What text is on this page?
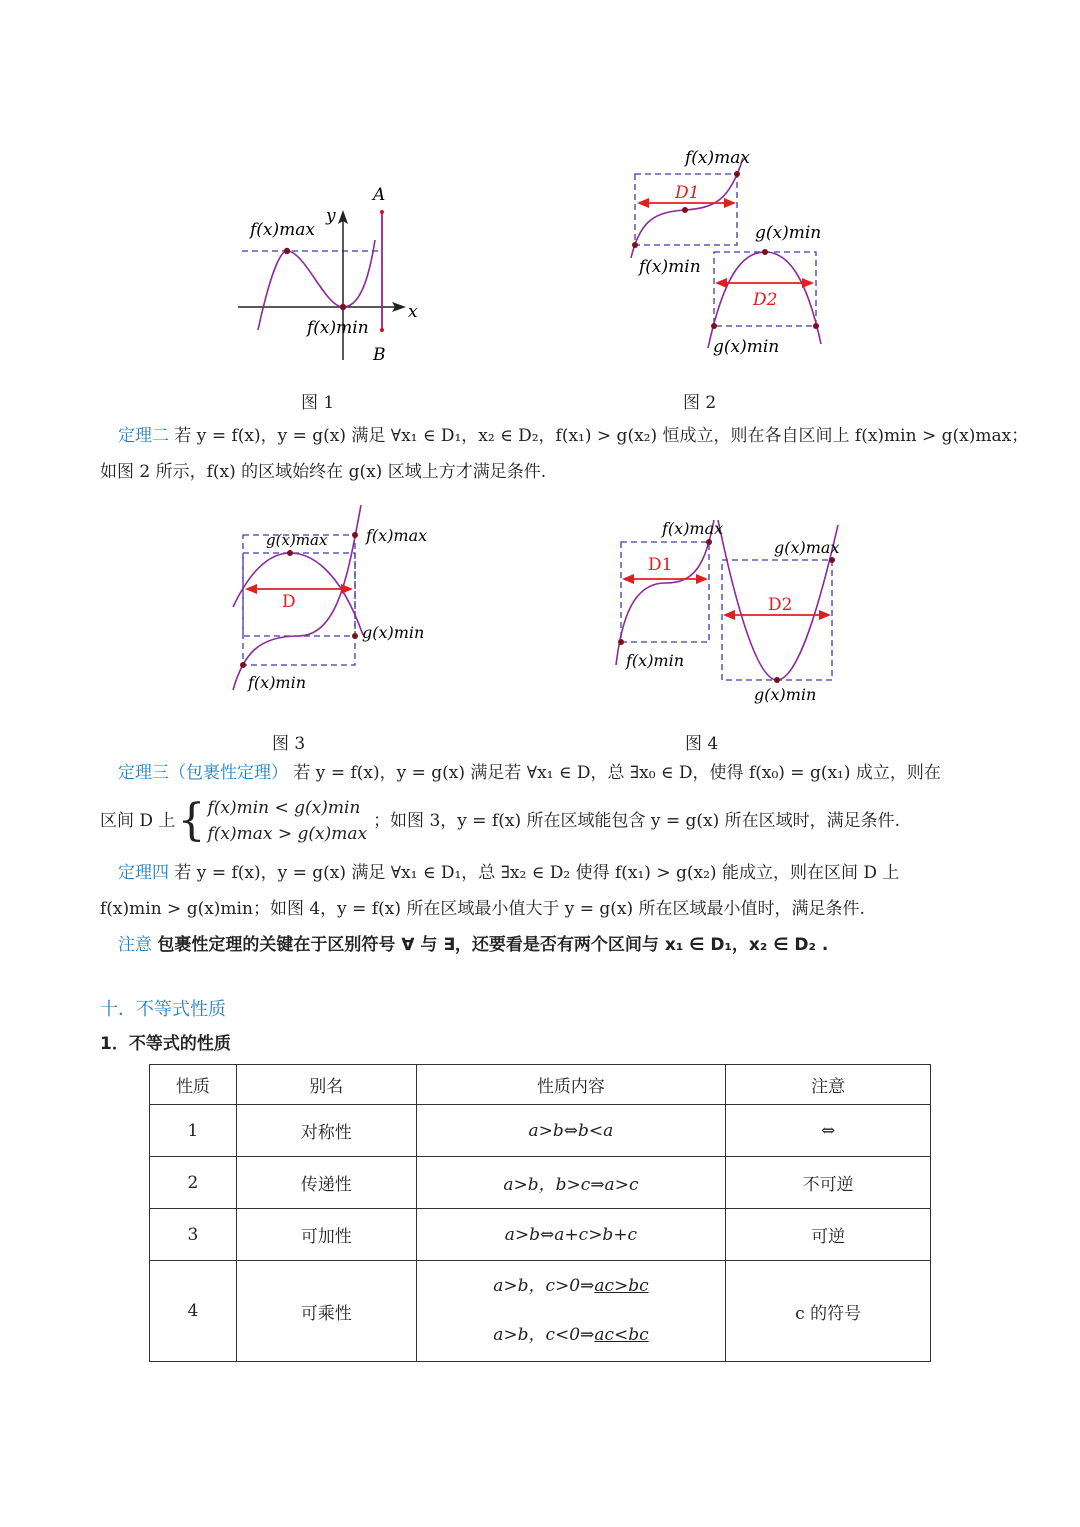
f(x)max
f(x)min
y
x
A
B
图 1
f(x)max
D1
f(x)min
g(x)min
D2
g(x)min
图 2
定理二 若 y = f(x)，y = g(x) 满足 ∀x₁ ∈ D₁，x₂ ∈ D₂，f(x₁) > g(x₂) 恒成立，则在各自区间上 f(x)min > g(x)max；
如图 2 所示，f(x) 的区域始终在 g(x) 区域上方才满足条件.
g(x)max f(x)max
D
g(x)min
f(x)min
图 3
f(x)max
D1
g(x)max
D2
f(x)min
g(x)min
图 4
定理三（包裹性定理） 若 y = f(x)，y = g(x) 满足若 ∀x₁ ∈ D，总 ∃x₀ ∈ D，使得 f(x₀) = g(x₁) 成立，则在
区间 D 上 { f(x)min < g(x)min
f(x)max > g(x)max
；如图 3，y = f(x) 所在区域能包含 y = g(x) 所在区域时，满足条件.
定理四 若 y = f(x)，y = g(x) 满足 ∀x₁ ∈ D₁，总 ∃x₂ ∈ D₂ 使得 f(x₁) > g(x₂) 能成立，则在区间 D 上
f(x)min > g(x)min；如图 4，y = f(x) 所在区域最小值大于 y = g(x) 所在区域最小值时，满足条件.
注意 包裹性定理的关键在于区别符号 ∀ 与 ∃，还要看是否有两个区间与 x₁ ∈ D₁，x₂ ∈ D₂ .
十．不等式性质
1．不等式的性质
性质	别名	性质内容	注意
1	对称性	a>b⇔b<a	⇔
2	传递性	a>b，b>c⇒a>c	不可逆
3	可加性	a>b⇔a+c>b+c	可逆
4	可乘性	a>b，c>0⇒ac>bc
a>b，c<0⇒ac<bc	c 的符号
